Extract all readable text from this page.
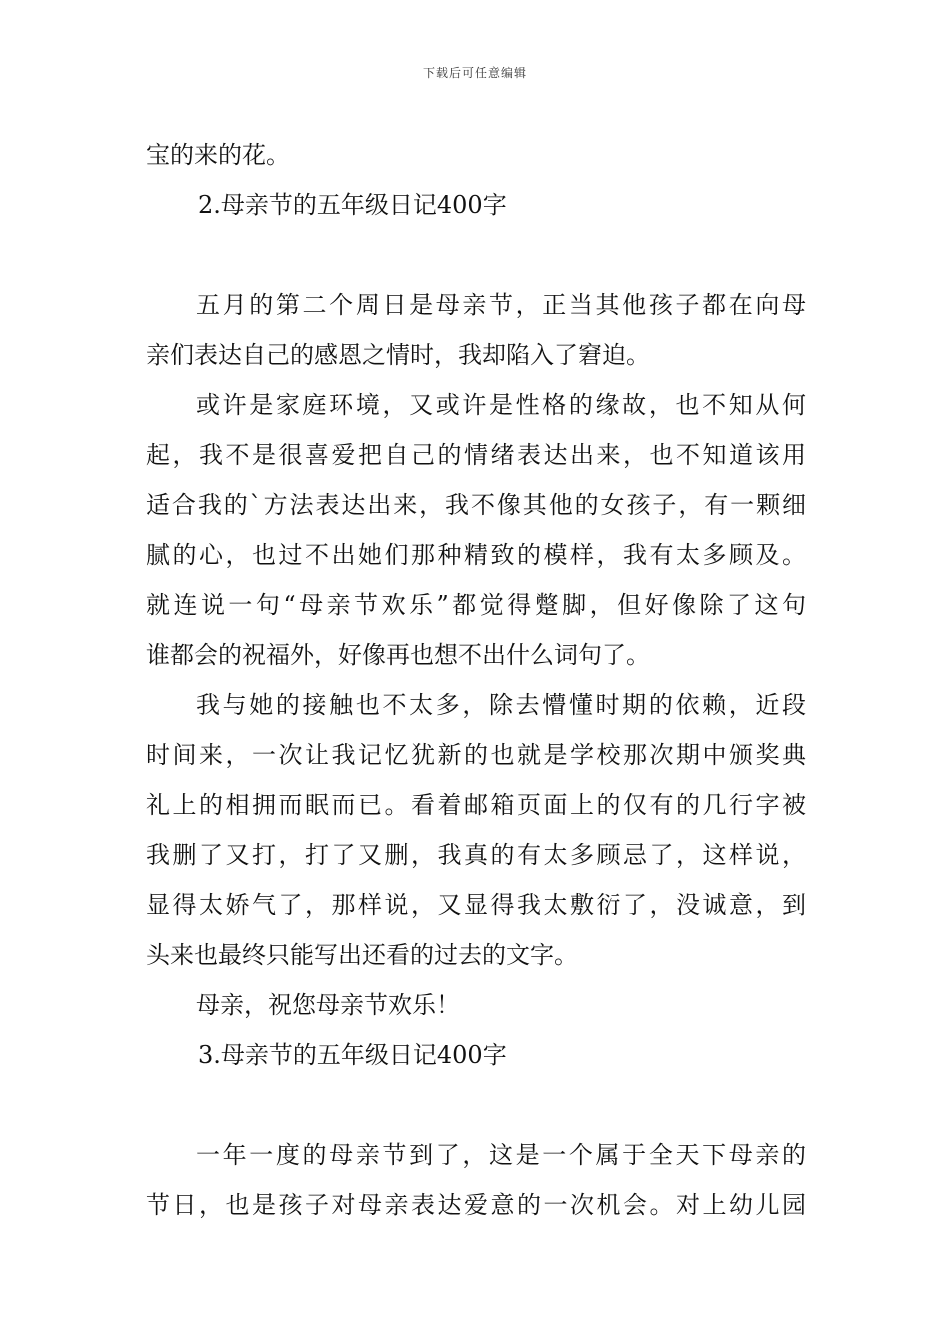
下载后可任意编辑
宝的来的花。
2.母亲节的五年级日记400字
五月的第二个周日是母亲节，正当其他孩子都在向母
亲们表达自己的感恩之情时，我却陷入了窘迫。
或许是家庭环境，又或许是性格的缘故，也不知从何
起，我不是很喜爱把自己的情绪表达出来，也不知道该用
适合我的`方法表达出来，我不像其他的女孩子，有一颗细
腻的心，也过不出她们那种精致的模样，我有太多顾及。
就连说一句“母亲节欢乐”都觉得蹩脚，但好像除了这句
谁都会的祝福外，好像再也想不出什么词句了。
我与她的接触也不太多，除去懵懂时期的依赖，近段
时间来，一次让我记忆犹新的也就是学校那次期中颁奖典
礼上的相拥而眠而已。看着邮箱页面上的仅有的几行字被
我删了又打，打了又删，我真的有太多顾忌了，这样说，
显得太娇气了，那样说，又显得我太敷衍了，没诚意，到
头来也最终只能写出还看的过去的文字。
母亲，祝您母亲节欢乐！
3.母亲节的五年级日记400字
一年一度的母亲节到了，这是一个属于全天下母亲的
节日，也是孩子对母亲表达爱意的一次机会。对上幼儿园
